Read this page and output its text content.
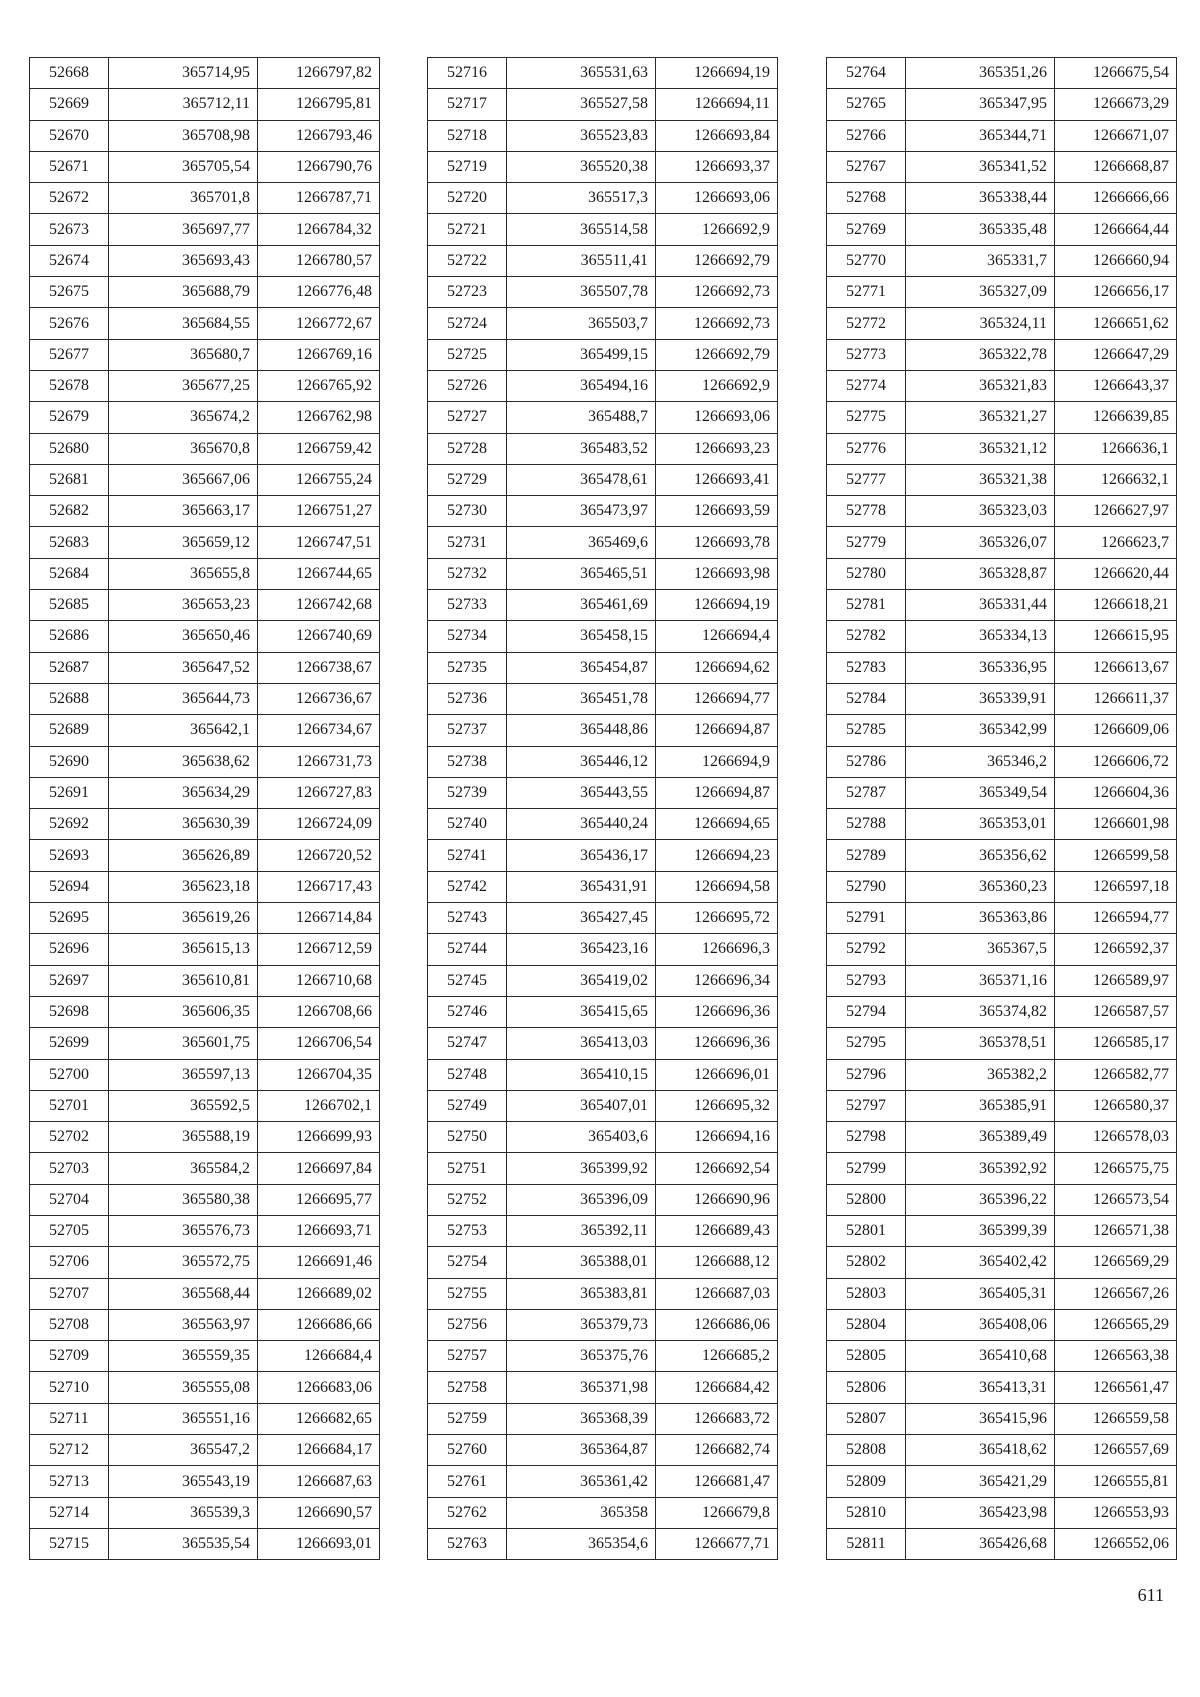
52668	365714,95	1266797,82
52669	365712,11	1266795,81
52670	365708,98	1266793,46
52671	365705,54	1266790,76
52672	365701,8	1266787,71
52673	365697,77	1266784,32
52674	365693,43	1266780,57
52675	365688,79	1266776,48
52676	365684,55	1266772,67
52677	365680,7	1266769,16
52678	365677,25	1266765,92
52679	365674,2	1266762,98
52680	365670,8	1266759,42
52681	365667,06	1266755,24
52682	365663,17	1266751,27
52683	365659,12	1266747,51
52684	365655,8	1266744,65
52685	365653,23	1266742,68
52686	365650,46	1266740,69
52687	365647,52	1266738,67
52688	365644,73	1266736,67
52689	365642,1	1266734,67
52690	365638,62	1266731,73
52691	365634,29	1266727,83
52692	365630,39	1266724,09
52693	365626,89	1266720,52
52694	365623,18	1266717,43
52695	365619,26	1266714,84
52696	365615,13	1266712,59
52697	365610,81	1266710,68
52698	365606,35	1266708,66
52699	365601,75	1266706,54
52700	365597,13	1266704,35
52701	365592,5	1266702,1
52702	365588,19	1266699,93
52703	365584,2	1266697,84
52704	365580,38	1266695,77
52705	365576,73	1266693,71
52706	365572,75	1266691,46
52707	365568,44	1266689,02
52708	365563,97	1266686,66
52709	365559,35	1266684,4
52710	365555,08	1266683,06
52711	365551,16	1266682,65
52712	365547,2	1266684,17
52713	365543,19	1266687,63
52714	365539,3	1266690,57
52715	365535,54	1266693,01
52716	365531,63	1266694,19
52717	365527,58	1266694,11
52718	365523,83	1266693,84
52719	365520,38	1266693,37
52720	365517,3	1266693,06
52721	365514,58	1266692,9
52722	365511,41	1266692,79
52723	365507,78	1266692,73
52724	365503,7	1266692,73
52725	365499,15	1266692,79
52726	365494,16	1266692,9
52727	365488,7	1266693,06
52728	365483,52	1266693,23
52729	365478,61	1266693,41
52730	365473,97	1266693,59
52731	365469,6	1266693,78
52732	365465,51	1266693,98
52733	365461,69	1266694,19
52734	365458,15	1266694,4
52735	365454,87	1266694,62
52736	365451,78	1266694,77
52737	365448,86	1266694,87
52738	365446,12	1266694,9
52739	365443,55	1266694,87
52740	365440,24	1266694,65
52741	365436,17	1266694,23
52742	365431,91	1266694,58
52743	365427,45	1266695,72
52744	365423,16	1266696,3
52745	365419,02	1266696,34
52746	365415,65	1266696,36
52747	365413,03	1266696,36
52748	365410,15	1266696,01
52749	365407,01	1266695,32
52750	365403,6	1266694,16
52751	365399,92	1266692,54
52752	365396,09	1266690,96
52753	365392,11	1266689,43
52754	365388,01	1266688,12
52755	365383,81	1266687,03
52756	365379,73	1266686,06
52757	365375,76	1266685,2
52758	365371,98	1266684,42
52759	365368,39	1266683,72
52760	365364,87	1266682,74
52761	365361,42	1266681,47
52762	365358	1266679,8
52763	365354,6	1266677,71
52764	365351,26	1266675,54
52765	365347,95	1266673,29
52766	365344,71	1266671,07
52767	365341,52	1266668,87
52768	365338,44	1266666,66
52769	365335,48	1266664,44
52770	365331,7	1266660,94
52771	365327,09	1266656,17
52772	365324,11	1266651,62
52773	365322,78	1266647,29
52774	365321,83	1266643,37
52775	365321,27	1266639,85
52776	365321,12	1266636,1
52777	365321,38	1266632,1
52778	365323,03	1266627,97
52779	365326,07	1266623,7
52780	365328,87	1266620,44
52781	365331,44	1266618,21
52782	365334,13	1266615,95
52783	365336,95	1266613,67
52784	365339,91	1266611,37
52785	365342,99	1266609,06
52786	365346,2	1266606,72
52787	365349,54	1266604,36
52788	365353,01	1266601,98
52789	365356,62	1266599,58
52790	365360,23	1266597,18
52791	365363,86	1266594,77
52792	365367,5	1266592,37
52793	365371,16	1266589,97
52794	365374,82	1266587,57
52795	365378,51	1266585,17
52796	365382,2	1266582,77
52797	365385,91	1266580,37
52798	365389,49	1266578,03
52799	365392,92	1266575,75
52800	365396,22	1266573,54
52801	365399,39	1266571,38
52802	365402,42	1266569,29
52803	365405,31	1266567,26
52804	365408,06	1266565,29
52805	365410,68	1266563,38
52806	365413,31	1266561,47
52807	365415,96	1266559,58
52808	365418,62	1266557,69
52809	365421,29	1266555,81
52810	365423,98	1266553,93
52811	365426,68	1266552,06
611
